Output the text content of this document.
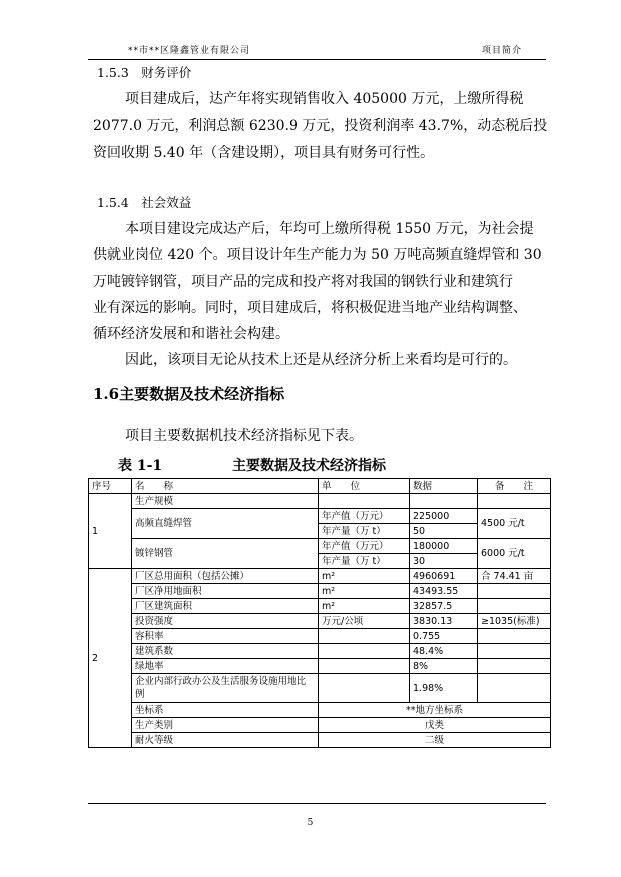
**市**区隆鑫管业有限公司	项目简介
1.5.3　财务评价
项目建成后，达产年将实现销售收入 405000 万元，上缴所得税
2077.0 万元，利润总额 6230.9 万元，投资利润率 43.7%，动态税后投
资回收期 5.40 年（含建设期），项目具有财务可行性。
1.5.4　社会效益
本项目建设完成达产后，年均可上缴所得税 1550 万元，为社会提
供就业岗位 420 个。项目设计年生产能力为 50 万吨高频直缝焊管和 30
万吨镀锌钢管，项目产品的完成和投产将对我国的钢铁行业和建筑行
业有深远的影响。同时，项目建成后，将积极促进当地产业结构调整、
循环经济发展和和谐社会构建。
因此，该项目无论从技术上还是从经济分析上来看均是可行的。
1.6主要数据及技术经济指标
项目主要数据机技术经济指标见下表。
表 1-1	主要数据及技术经济指标
序号	名　　称	单　　位	数据	备　　注
1	生产规模			
	高频直缝焊管	年产值（万元）	225000	4500 元/t
		年产量（万 t）	50	
	镀锌钢管	年产值（万元）	180000	6000 元/t
		年产量（万 t）	30	
2	厂区总用面积（包括公摊）	m²	4960691	合 74.41 亩
	厂区净用地面积	m²	43493.55	
	厂区建筑面积	m²	32857.5	
	投资强度	万元/公顷	3830.13	≥1035(标准)
	容积率		0.755	
	建筑系数		48.4%	
	绿地率		8%	
	企业内部行政办公及生活服务设施用地比例		1.98%	
	坐标系	**地方坐标系		
	生产类别	戊类		
	耐火等级	二级		
5
